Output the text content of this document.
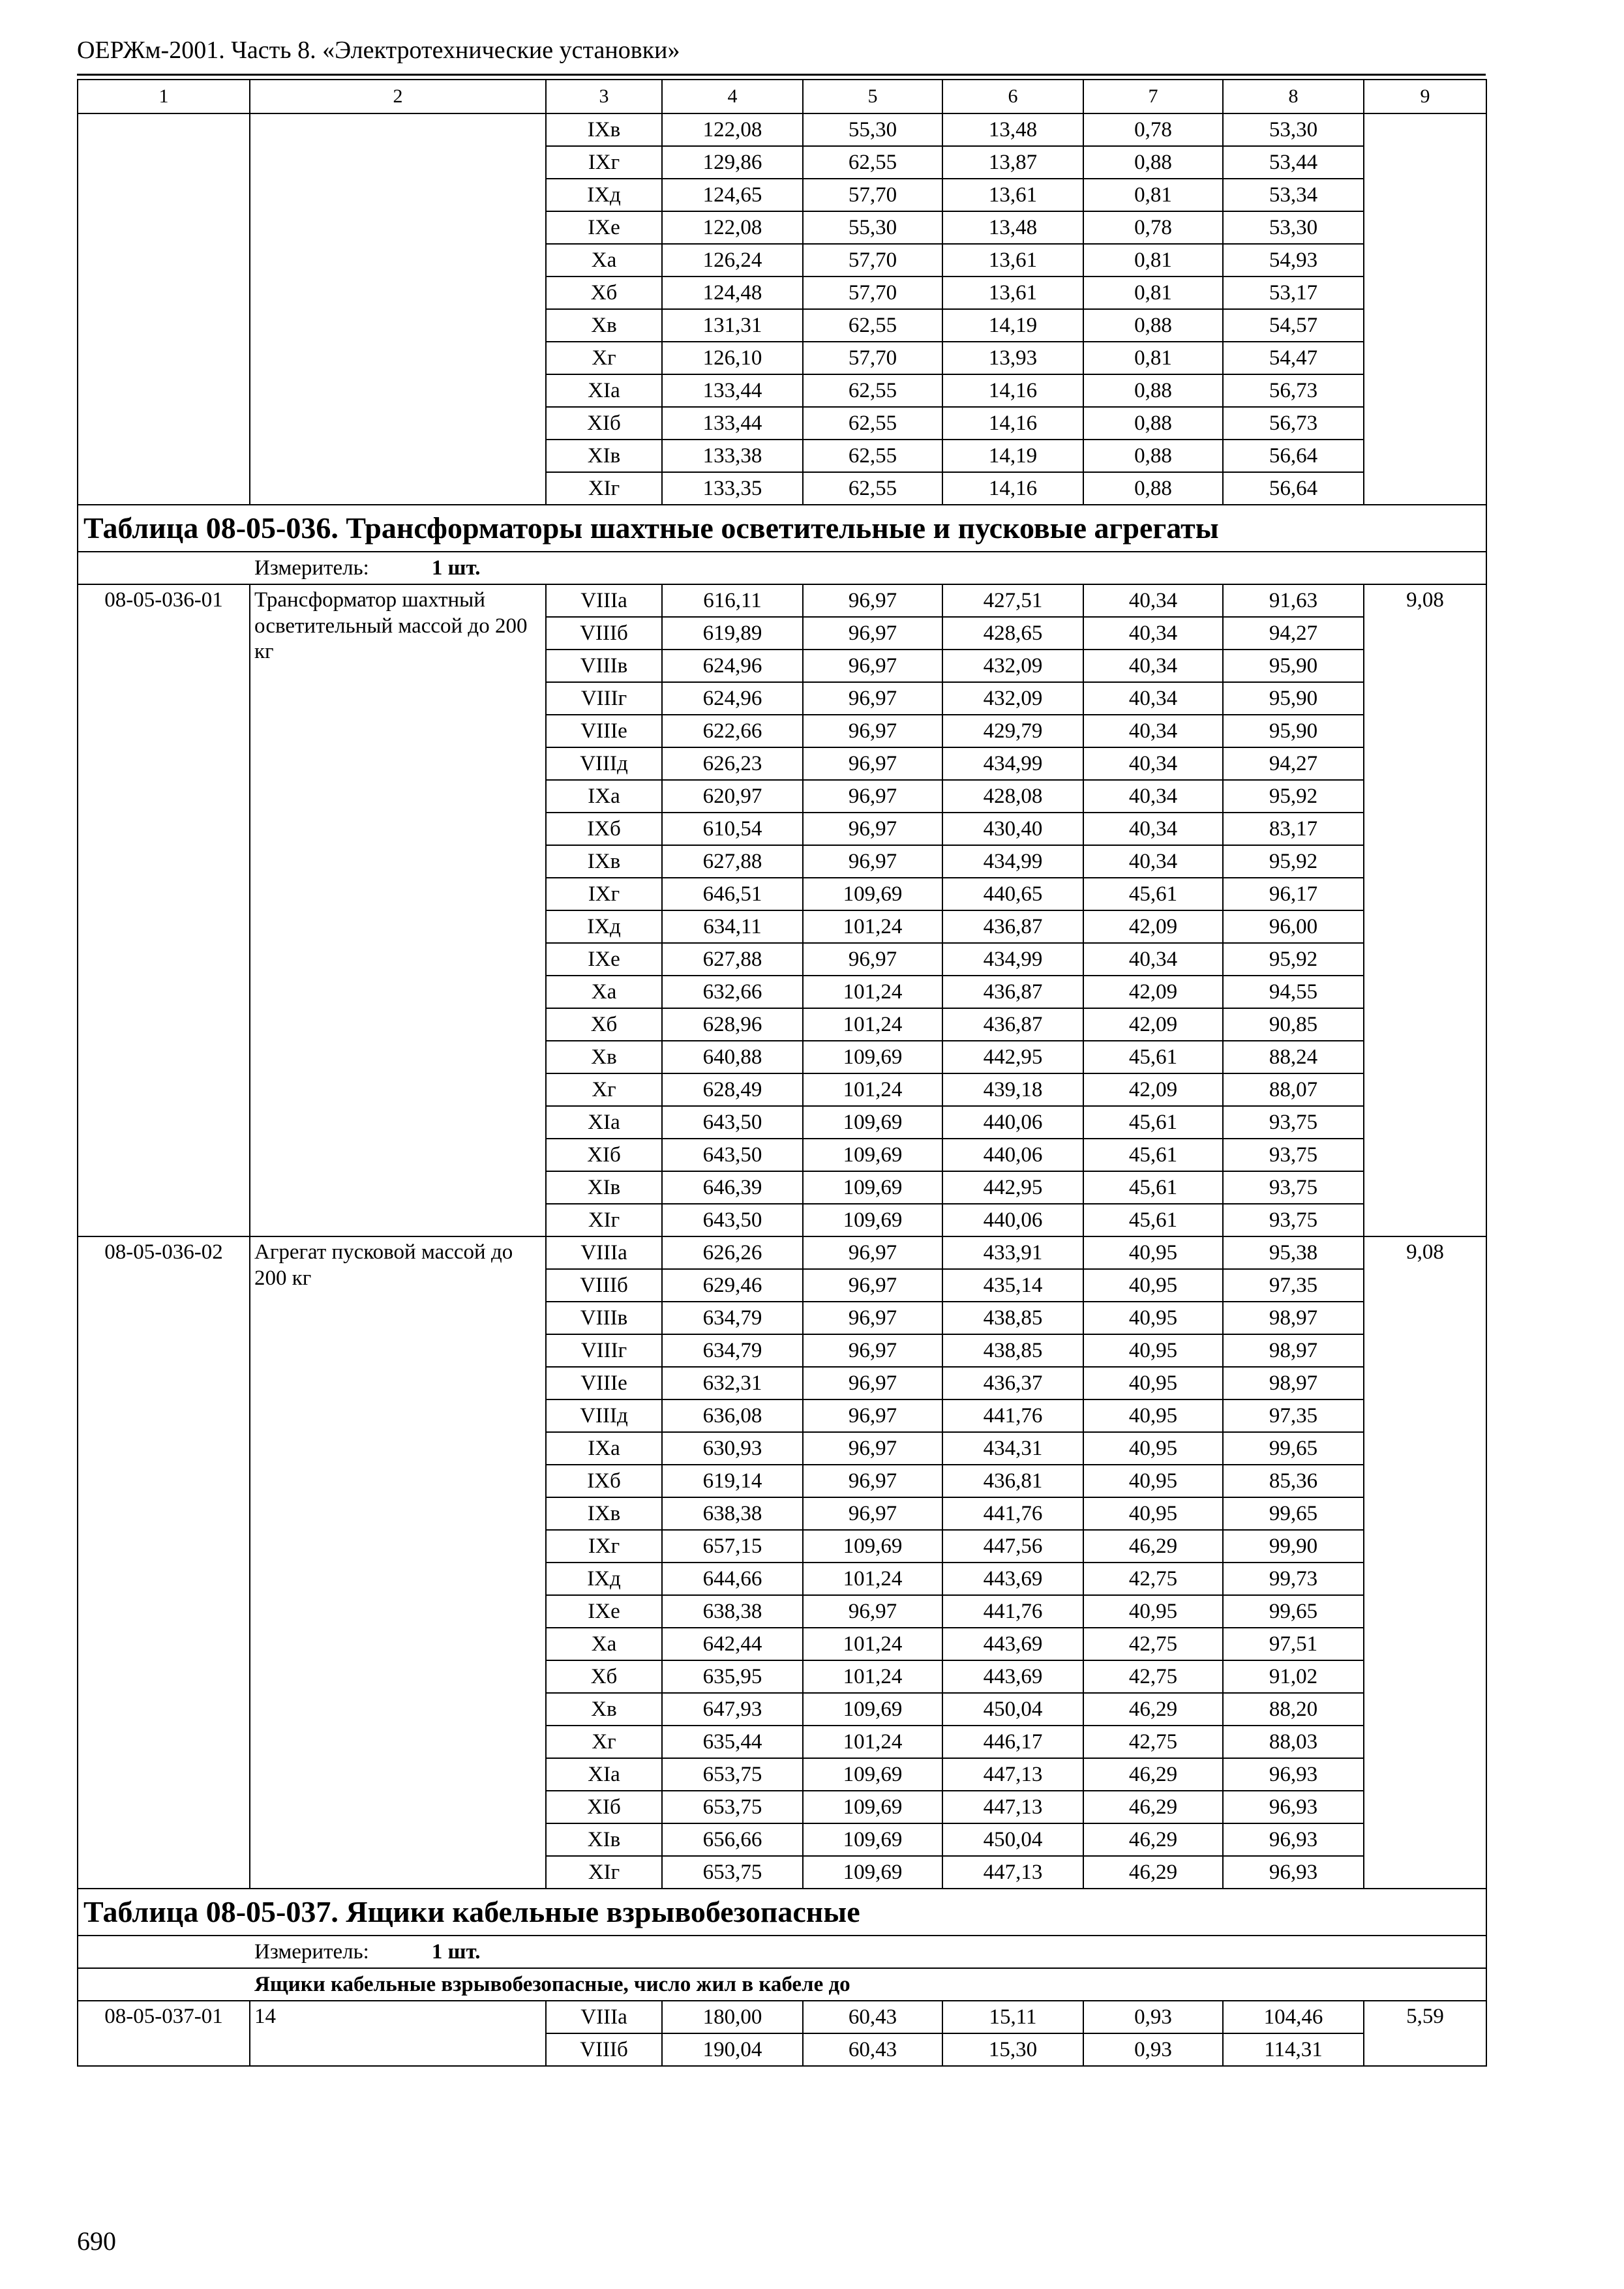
ОЕРЖм-2001. Часть 8. «Электротехнические установки»
1	2	3	4	5	6	7	8	9
		IXв	122,08	55,30	13,48	0,78	53,30	
		IXг	129,86	62,55	13,87	0,88	53,44	
		IXд	124,65	57,70	13,61	0,81	53,34	
		IXе	122,08	55,30	13,48	0,78	53,30	
		Xа	126,24	57,70	13,61	0,81	54,93	
		Xб	124,48	57,70	13,61	0,81	53,17	
		Xв	131,31	62,55	14,19	0,88	54,57	
		Xг	126,10	57,70	13,93	0,81	54,47	
		XIа	133,44	62,55	14,16	0,88	56,73	
		XIб	133,44	62,55	14,16	0,88	56,73	
		XIв	133,38	62,55	14,19	0,88	56,64	
		XIг	133,35	62,55	14,16	0,88	56,64	
Таблица 08-05-036. Трансформаторы шахтные осветительные и пусковые агрегаты								
Измеритель: 1 шт.								
08-05-036-01	Трансформатор шахтный осветительный массой до 200 кг	VIIIа	616,11	96,97	427,51	40,34	91,63	9,08
		VIIIб	619,89	96,97	428,65	40,34	94,27	
		VIIIв	624,96	96,97	432,09	40,34	95,90	
		VIIIг	624,96	96,97	432,09	40,34	95,90	
		VIIIе	622,66	96,97	429,79	40,34	95,90	
		VIIIд	626,23	96,97	434,99	40,34	94,27	
		IXа	620,97	96,97	428,08	40,34	95,92	
		IXб	610,54	96,97	430,40	40,34	83,17	
		IXв	627,88	96,97	434,99	40,34	95,92	
		IXг	646,51	109,69	440,65	45,61	96,17	
		IXд	634,11	101,24	436,87	42,09	96,00	
		IXе	627,88	96,97	434,99	40,34	95,92	
		Xа	632,66	101,24	436,87	42,09	94,55	
		Xб	628,96	101,24	436,87	42,09	90,85	
		Xв	640,88	109,69	442,95	45,61	88,24	
		Xг	628,49	101,24	439,18	42,09	88,07	
		XIа	643,50	109,69	440,06	45,61	93,75	
		XIб	643,50	109,69	440,06	45,61	93,75	
		XIв	646,39	109,69	442,95	45,61	93,75	
		XIг	643,50	109,69	440,06	45,61	93,75	
08-05-036-02	Агрегат пусковой массой до 200 кг	VIIIа	626,26	96,97	433,91	40,95	95,38	9,08
		VIIIб	629,46	96,97	435,14	40,95	97,35	
		VIIIв	634,79	96,97	438,85	40,95	98,97	
		VIIIг	634,79	96,97	438,85	40,95	98,97	
		VIIIе	632,31	96,97	436,37	40,95	98,97	
		VIIIд	636,08	96,97	441,76	40,95	97,35	
		IXа	630,93	96,97	434,31	40,95	99,65	
		IXб	619,14	96,97	436,81	40,95	85,36	
		IXв	638,38	96,97	441,76	40,95	99,65	
		IXг	657,15	109,69	447,56	46,29	99,90	
		IXд	644,66	101,24	443,69	42,75	99,73	
		IXе	638,38	96,97	441,76	40,95	99,65	
		Xа	642,44	101,24	443,69	42,75	97,51	
		Xб	635,95	101,24	443,69	42,75	91,02	
		Xв	647,93	109,69	450,04	46,29	88,20	
		Xг	635,44	101,24	446,17	42,75	88,03	
		XIа	653,75	109,69	447,13	46,29	96,93	
		XIб	653,75	109,69	447,13	46,29	96,93	
		XIв	656,66	109,69	450,04	46,29	96,93	
		XIг	653,75	109,69	447,13	46,29	96,93	
Таблица 08-05-037. Ящики кабельные взрывобезопасные								
Измеритель: 1 шт.								
Ящики кабельные взрывобезопасные, число жил в кабеле до								
08-05-037-01	14	VIIIа	180,00	60,43	15,11	0,93	104,46	5,59
		VIIIб	190,04	60,43	15,30	0,93	114,31	
690
